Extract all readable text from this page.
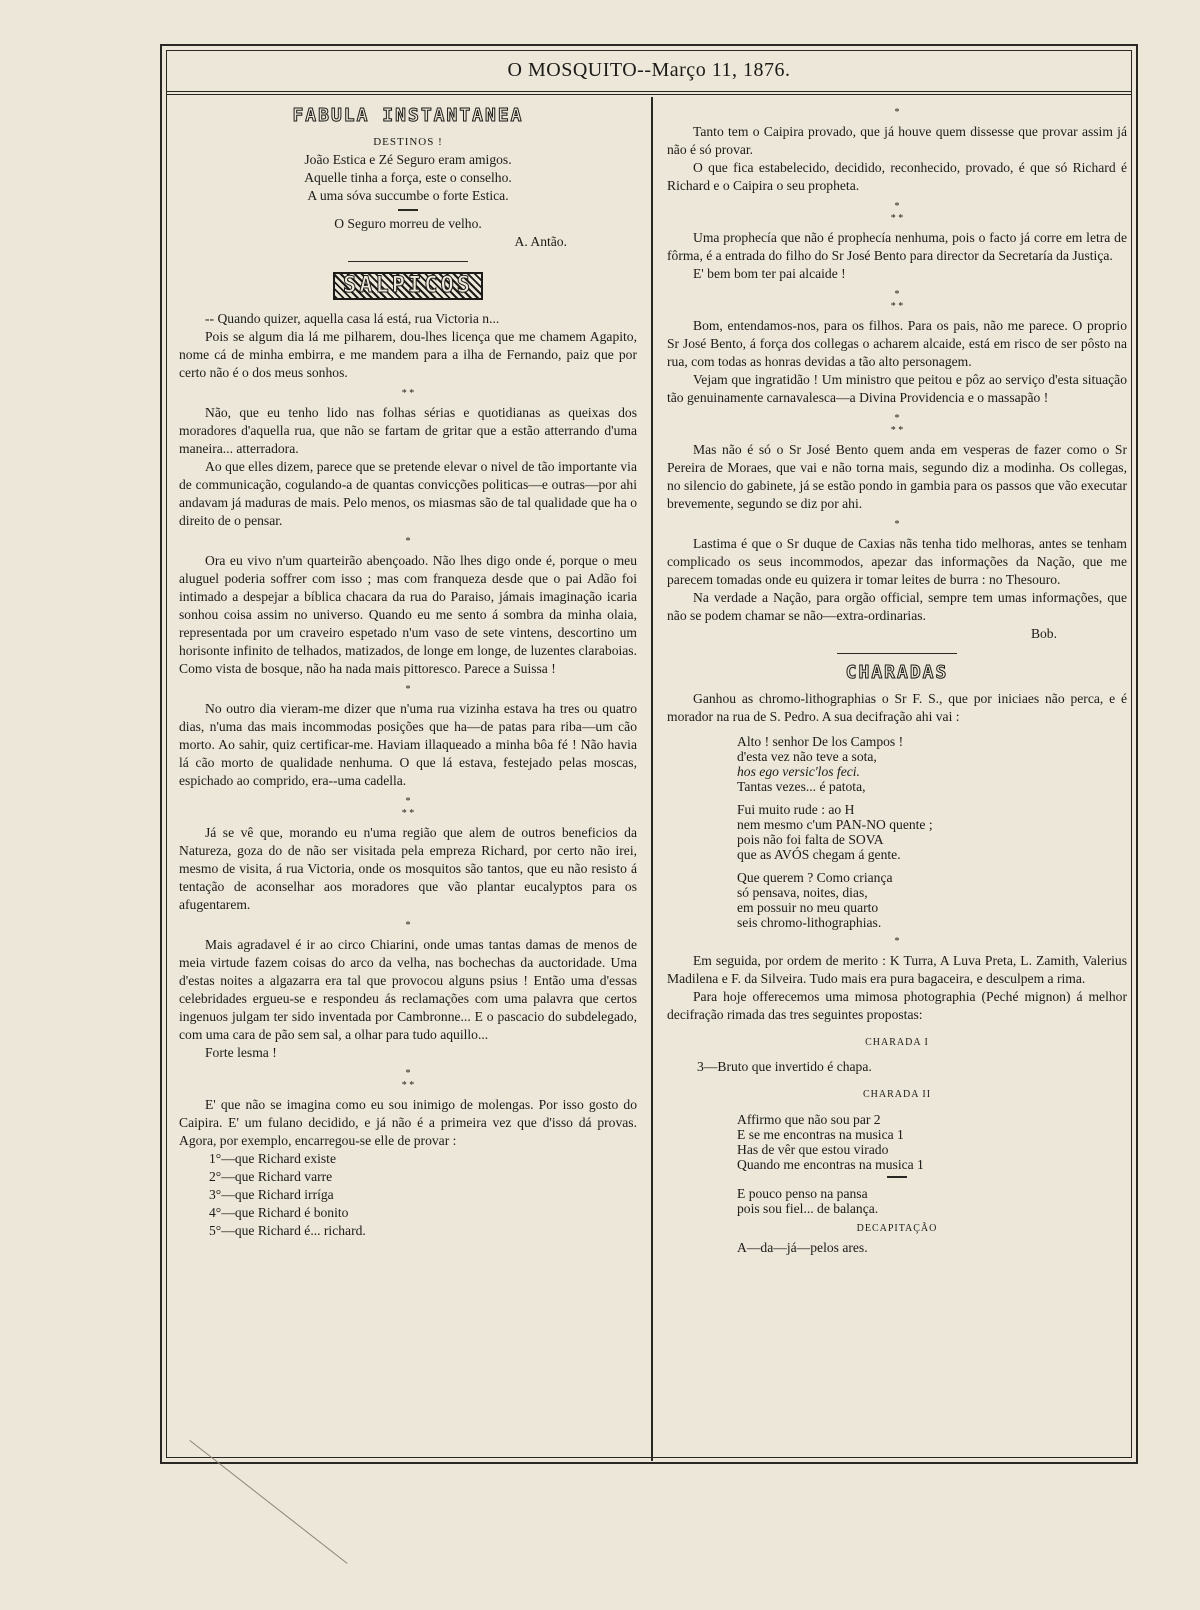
O MOSQUITO--Março 11, 1876.
FABULA INSTANTANEA
DESTINOS !
João Estica e Zé Seguro eram amigos.
Aquelle tinha a força, este o conselho.
A uma sóva succumbe o forte Estica.
O Seguro morreu de velho.
A. Antão.
SALPICOS

-- Quando quizer, aquella casa lá está, rua Victoria n...

Pois se algum dia lá me pilharem, dou-lhes licença que me chamem Agapito, nome cá de minha embirra, e me mandem para a ilha de Fernando, paiz que por certo não é o dos meus sonhos.

* *

Não, que eu tenho lido nas folhas sérias e quotidianas as queixas dos moradores d'aquella rua, que não se fartam de gritar que a estão atterrando d'uma maneira... atterradora.

Ao que elles dizem, parece que se pretende elevar o nivel de tão importante via de communicação, cogulando-a de quantas convicções politicas—e outras—por ahi andavam já maduras de mais. Pelo menos, os miasmas são de tal qualidade que ha o direito de o pensar.

*

Ora eu vivo n'um quarteirão abençoado. Não lhes digo onde é, porque o meu aluguel poderia soffrer com isso ; mas com franqueza desde que o pai Adão foi intimado a despejar a bíblica chacara da rua do Paraiso, jámais imaginação icaria sonhou coisa assim no universo. Quando eu me sento á sombra da minha olaia, representada por um craveiro espetado n'um vaso de sete vintens, descortino um horisonte infinito de telhados, matizados, de longe em longe, de luzentes claraboias. Como vista de bosque, não ha nada mais pittoresco. Parece a Suissa !

*

No outro dia vieram-me dizer que n'uma rua vizinha estava ha tres ou quatro dias, n'uma das mais incommodas posições que ha—de patas para riba—um cão morto. Ao sahir, quiz certificar-me. Haviam illaqueado a minha bôa fé ! Não havia lá cão morto de qualidade nenhuma. O que lá estava, festejado pelas moscas, espichado ao comprido, era--uma cadella.

*
* *

Já se vê que, morando eu n'uma região que alem de outros beneficios da Natureza, goza do de não ser visitada pela empreza Richard, por certo não irei, mesmo de visita, á rua Victoria, onde os mosquitos são tantos, que eu não resisto á tentação de aconselhar aos moradores que vão plantar eucalyptos para os afugentarem.

*

Mais agradavel é ir ao circo Chiarini, onde umas tantas damas de menos de meia virtude fazem coisas do arco da velha, nas bochechas da auctoridade. Uma d'estas noites a algazarra era tal que provocou alguns psius ! Então uma d'essas celebridades ergueu-se e respondeu ás reclamações com uma palavra que certos ingenuos julgam ter sido inventada por Cambronne... E o pascacio do subdelegado, com uma cara de pão sem sal, a olhar para tudo aquillo...

Forte lesma !

*
* *

E' que não se imagina como eu sou inimigo de molengas. Por isso gosto do Caipira. E' um fulano decidido, e já não é a primeira vez que d'isso dá provas. Agora, por exemplo, encarregou-se elle de provar :

1°—que Richard existe
2°—que Richard varre
3°—que Richard irríga
4°—que Richard é bonito
5°—que Richard é... richard.
*

Tanto tem o Caipira provado, que já houve quem dissesse que provar assim já não é só provar.

O que fica estabelecido, decidido, reconhecido, provado, é que só Richard é Richard e o Caipira o seu propheta.

*
* *

Uma prophecía que não é prophecía nenhuma, pois o facto já corre em letra de fôrma, é a entrada do filho do Sr José Bento para director da Secretaría da Justiça.

E' bem bom ter pai alcaide !

*
* *

Bom, entendamos-nos, para os filhos. Para os pais, não me parece. O proprio Sr José Bento, á força dos collegas o acharem alcaide, está em risco de ser pôsto na rua, com todas as honras devidas a tão alto personagem.

Vejam que ingratidão ! Um ministro que peitou e pôz ao serviço d'esta situação tão genuinamente carnavalesca—a Divina Providencia e o massapão !

*
* *

Mas não é só o Sr José Bento quem anda em vesperas de fazer como o Sr Pereira de Moraes, que vai e não torna mais, segundo diz a modinha. Os collegas, no silencio do gabinete, já se estão pondo in gambia para os passos que vão executar brevemente, segundo se diz por ahi.

*

Lastima é que o Sr duque de Caxias nãs tenha tido melhoras, antes se tenham complicado os seus incommodos, apezar das informações da Nação, que me parecem tomadas onde eu quizera ir tomar leites de burra : no Thesouro.

Na verdade a Nação, para orgão official, sempre tem umas informações, que não se podem chamar se não—extra-ordinarias.

Bob.
CHARADAS

Ganhou as chromo-lithographias o Sr F. S., que por iniciaes não perca, e é morador na rua de S. Pedro. A sua decifração ahi vai :

Alto ! senhor De los Campos !
d'esta vez não teve a sota,
hos ego versic'los feci.
Tantas vezes... é patota,
Fui muito rude : ao H
nem mesmo c'um PAN-NO quente ;
pois não foi falta de SOVA
que as AVÓS chegam á gente.
Que querem ? Como criança
só pensava, noites, dias,
em possuir no meu quarto
seis chromo-lithographias.
*

Em seguida, por ordem de merito : K Turra, A Luva Preta, L. Zamith, Valerius Madilena e F. da Silveira. Tudo mais era pura bagaceira, e desculpem a rima.

Para hoje offerecemos uma mimosa photographia (Peché mignon) á melhor decifração rimada das tres seguintes propostas:

CHARADA I
3—Bruto que invertido é chapa.
CHARADA II
Affirmo que não sou par 2
E se me encontras na musica 1
Has de vêr que estou virado
Quando me encontras na musica 1
E pouco penso na pansa
pois sou fiel... de balança.
DECAPITAÇÃO
A—da—já—pelos ares.
